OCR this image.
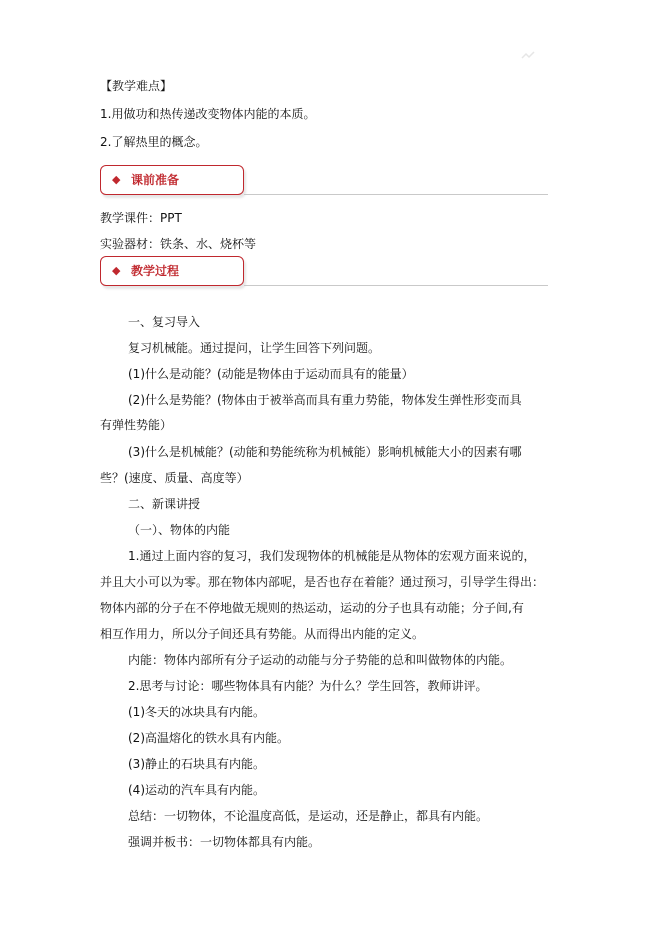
【教学难点】
1.用做功和热传递改变物体内能的本质。
2.了解热里的概念。
◆ 课前准备
教学课件：PPT
实验器材：铁条、水、烧杯等
◆ 教学过程
一、复习导入
复习机械能。通过提问，让学生回答下列问题。
(1)什么是动能？(动能是物体由于运动而具有的能量）
(2)什么是势能？(物体由于被举高而具有重力势能，物体发生弹性形变而具
有弹性势能）
(3)什么是机械能？(动能和势能统称为机械能）影响机械能大小的因素有哪
些？(速度、质量、高度等）
二、新课讲授
（一）、物体的内能
1.通过上面内容的复习，我们发现物体的机械能是从物体的宏观方面来说的，
并且大小可以为零。那在物体内部呢，是否也存在着能？通过预习，引导学生得出：
物体内部的分子在不停地做无规则的热运动，运动的分子也具有动能；分子间,有
相互作用力，所以分子间还具有势能。从而得出内能的定义。
内能：物体内部所有分子运动的动能与分子势能的总和叫做物体的内能。
2.思考与讨论：哪些物体具有内能？为什么？学生回答，教师讲评。
(1)冬天的冰块具有内能。
(2)高温熔化的铁水具有内能。
(3)静止的石块具有内能。
(4)运动的汽车具有内能。
总结：一切物体，不论温度高低，是运动，还是静止，都具有内能。
强调并板书：一切物体都具有内能。
